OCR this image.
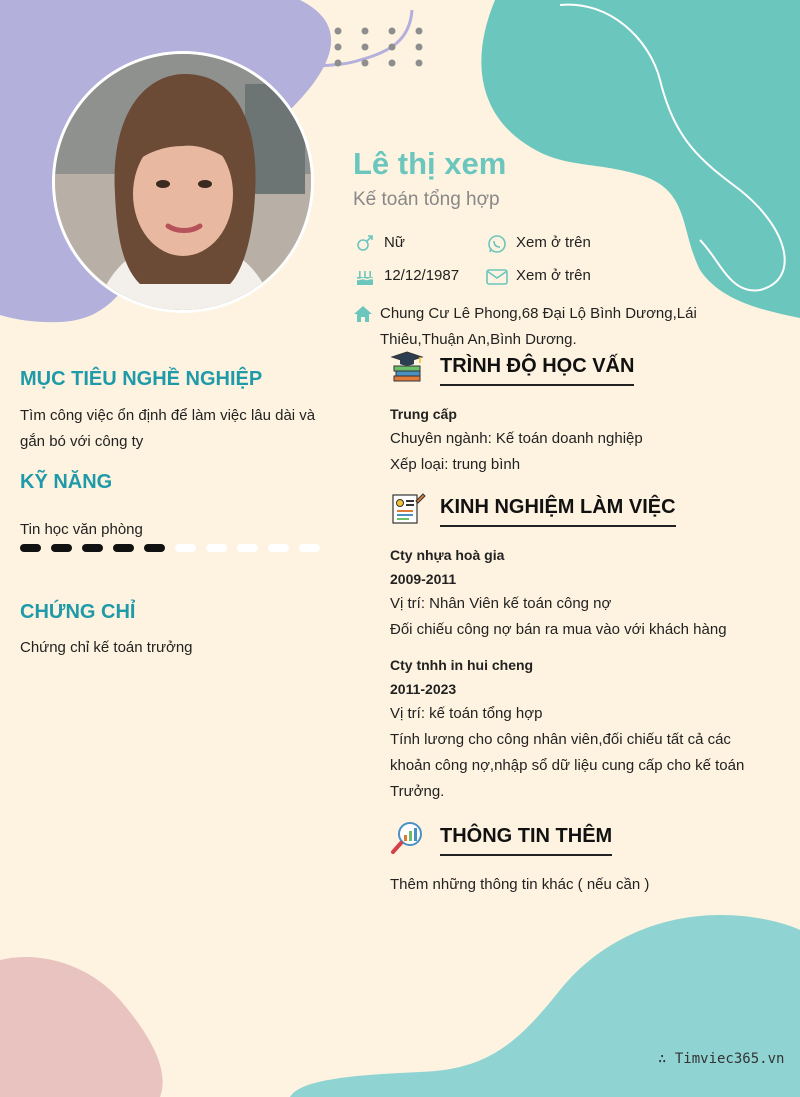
Lê thị xem
Kế toán tổng hợp
Nữ	Xem ở trên
12/12/1987	Xem ở trên
Chung Cư Lê Phong,68 Đại Lộ Bình Dương,Lái Thiêu,Thuận An,Bình Dương.
MỤC TIÊU NGHỀ NGHIỆP
Tìm công việc ổn định để làm việc lâu dài và gắn bó với công ty
KỸ NĂNG
Tin học văn phòng
CHỨNG CHỈ
Chứng chỉ kế toán trưởng
TRÌNH ĐỘ HỌC VẤN
Trung cấp
Chuyên ngành: Kế toán doanh nghiệp
Xếp loại: trung bình
KINH NGHIỆM LÀM VIỆC
Cty nhựa hoà gia
2009-2011
Vị trí: Nhân Viên kế toán công nợ
Đối chiếu công nợ bán ra mua vào với khách hàng
Cty tnhh in hui cheng
2011-2023
Vị trí: kế toán tổng hợp
Tính lương cho công nhân viên,đối chiếu tất cả các khoản công nợ,nhập sổ dữ liệu cung cấp cho kế toán Trưởng.
THÔNG TIN THÊM
Thêm những thông tin khác ( nếu cần )
∴ Timviec365.vn
